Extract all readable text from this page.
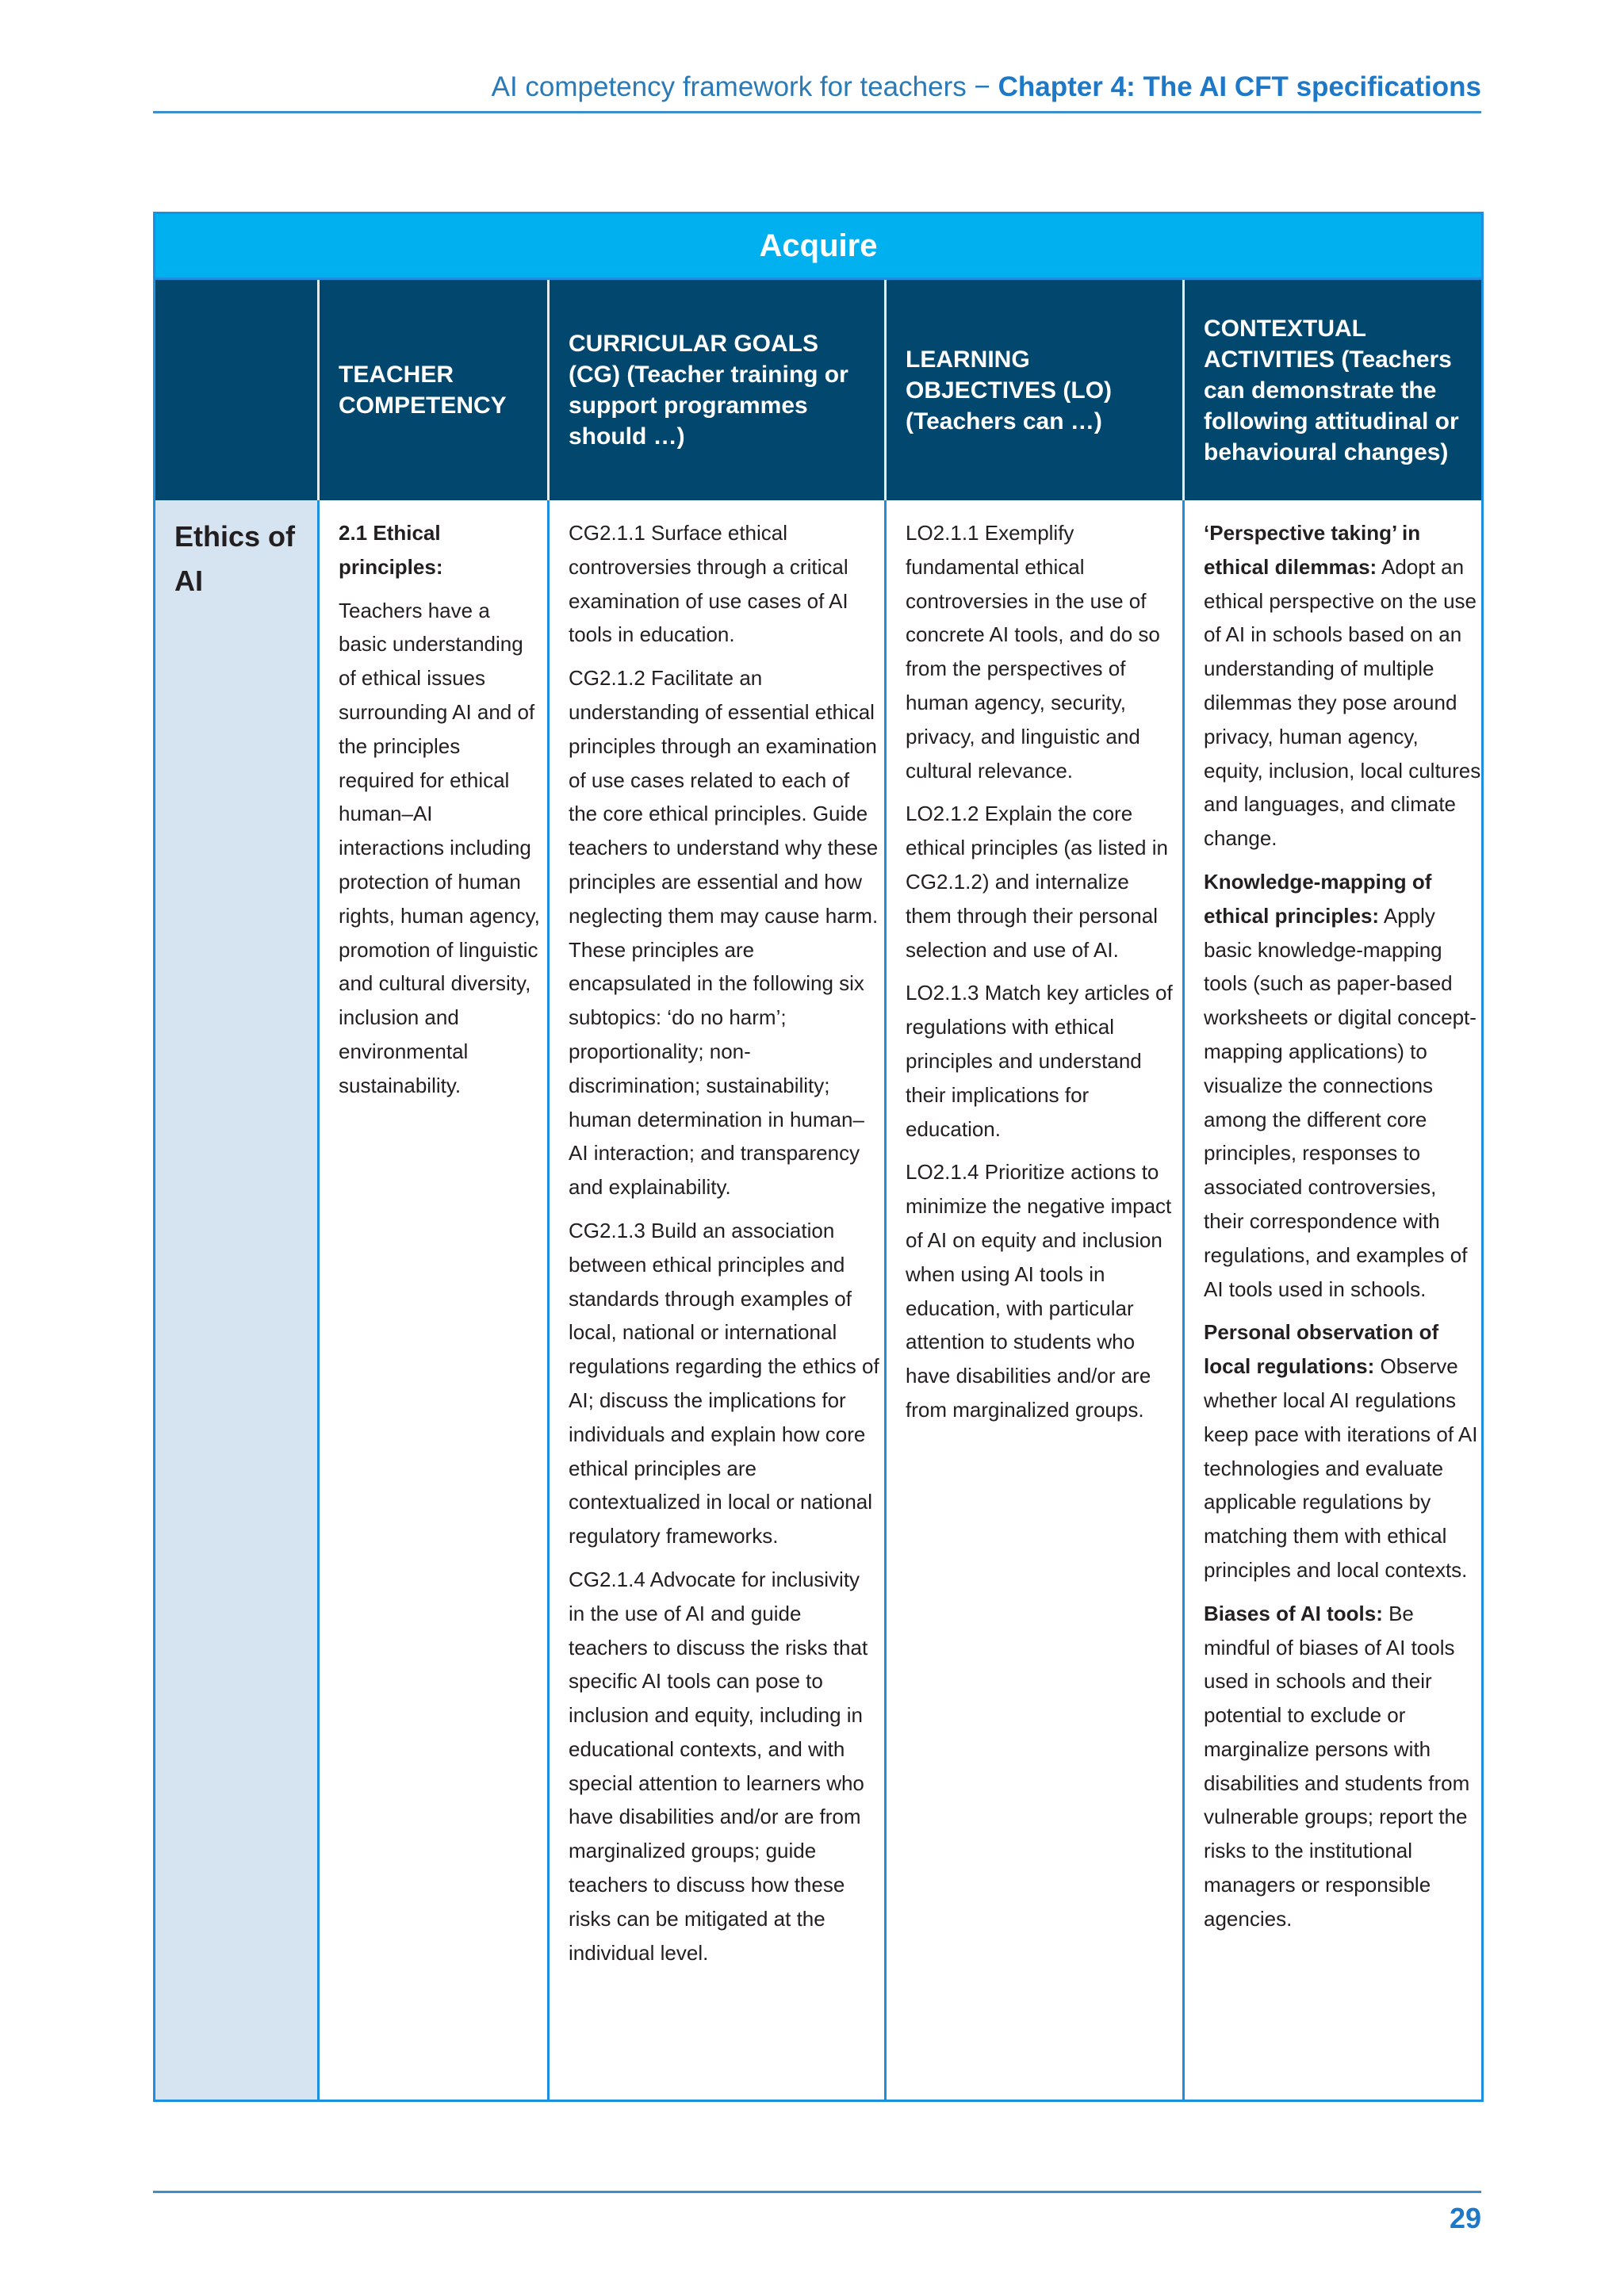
AI competency framework for teachers − Chapter 4: The AI CFT specifications
Acquire
TEACHER COMPETENCY
CURRICULAR GOALS (CG) (Teacher training or support programmes should …)
LEARNING OBJECTIVES (LO) (Teachers can …)
CONTEXTUAL ACTIVITIES (Teachers can demonstrate the following attitudinal or behavioural changes)
Ethics of AI

2.1 Ethical principles:

Teachers have a basic understanding of ethical issues surrounding AI and of the principles required for ethical human–AI interactions including protection of human rights, human agency, promotion of linguistic and cultural diversity, inclusion and environmental sustainability.

CG2.1.1 Surface ethical controversies through a critical examination of use cases of AI tools in education.

CG2.1.2 Facilitate an understanding of essential ethical principles through an examination of use cases related to each of the core ethical principles. Guide teachers to understand why these principles are essential and how neglecting them may cause harm. These principles are encapsulated in the following six subtopics: ‘do no harm’; proportionality; non-discrimination; sustainability; human determination in human–AI interaction; and transparency and explainability.

CG2.1.3 Build an association between ethical principles and standards through examples of local, national or international regulations regarding the ethics of AI; discuss the implications for individuals and explain how core ethical principles are contextualized in local or national regulatory frameworks.

CG2.1.4 Advocate for inclusivity in the use of AI and guide teachers to discuss the risks that specific AI tools can pose to inclusion and equity, including in educational contexts, and with special attention to learners who have disabilities and/or are from marginalized groups; guide teachers to discuss how these risks can be mitigated at the individual level.

LO2.1.1 Exemplify fundamental ethical controversies in the use of concrete AI tools, and do so from the perspectives of human agency, security, privacy, and linguistic and cultural relevance.

LO2.1.2 Explain the core ethical principles (as listed in CG2.1.2) and internalize them through their personal selection and use of AI.

LO2.1.3 Match key articles of regulations with ethical principles and understand their implications for education.

LO2.1.4 Prioritize actions to minimize the negative impact of AI on equity and inclusion when using AI tools in education, with particular attention to students who have disabilities and/or are from marginalized groups.

‘Perspective taking’ in ethical dilemmas: Adopt an ethical perspective on the use of AI in schools based on an understanding of multiple dilemmas they pose around privacy, human agency, equity, inclusion, local cultures and languages, and climate change.

Knowledge-mapping of ethical principles: Apply basic knowledge-mapping tools (such as paper-based worksheets or digital concept-mapping applications) to visualize the connections among the different core principles, responses to associated controversies, their correspondence with regulations, and examples of AI tools used in schools.

Personal observation of local regulations: Observe whether local AI regulations keep pace with iterations of AI technologies and evaluate applicable regulations by matching them with ethical principles and local contexts.

Biases of AI tools: Be mindful of biases of AI tools used in schools and their potential to exclude or marginalize persons with disabilities and students from vulnerable groups; report the risks to the institutional managers or responsible agencies.

29
